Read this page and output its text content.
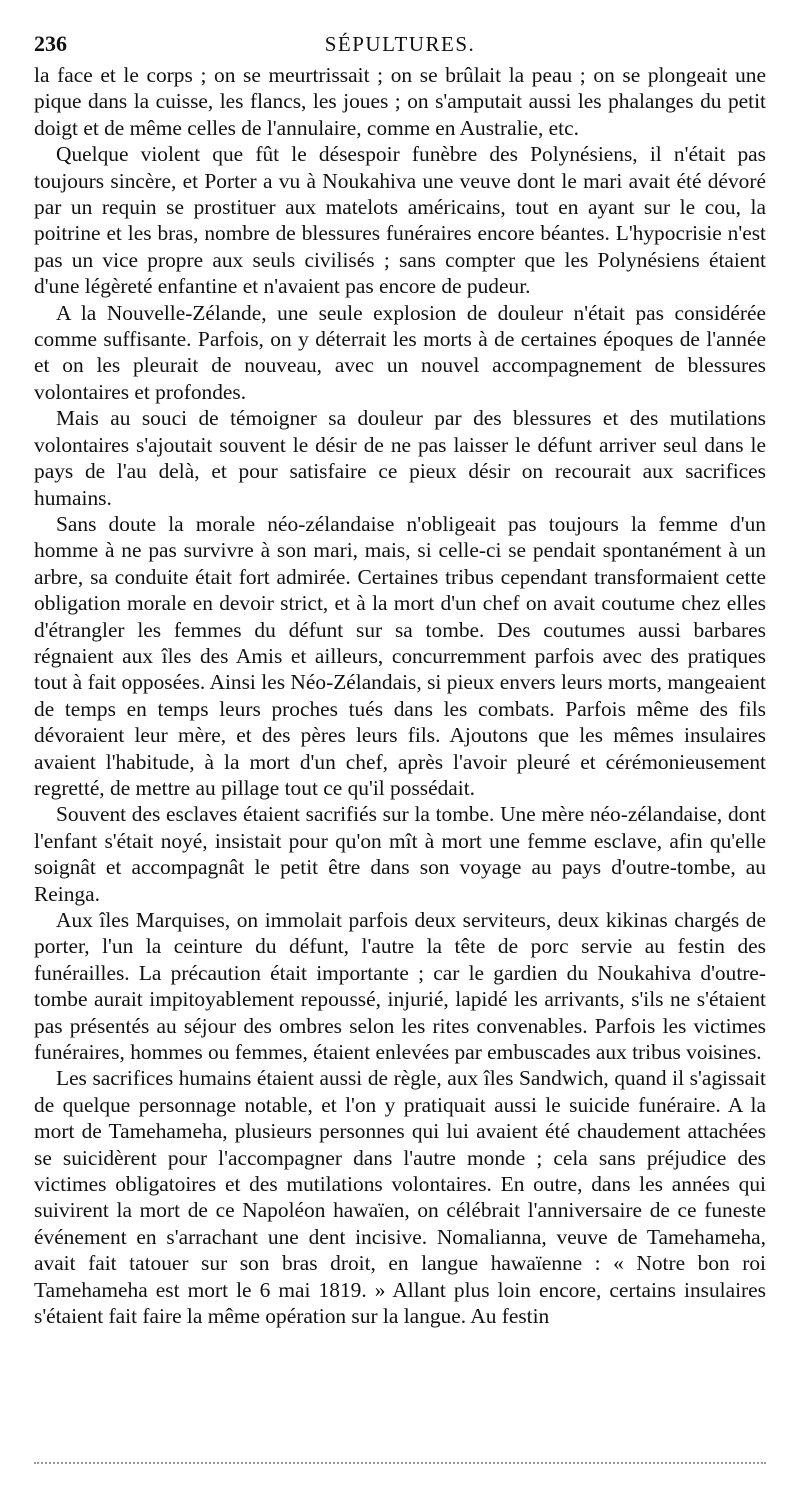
236	SÉPULTURES.

la face et le corps ; on se meurtrissait ; on se brûlait la peau ; on se plongeait une pique dans la cuisse, les flancs, les joues ; on s'amputait aussi les phalanges du petit doigt et de même celles de l'annulaire, comme en Australie, etc.

Quelque violent que fût le désespoir funèbre des Polynésiens, il n'était pas toujours sincère, et Porter a vu à Noukahiva une veuve dont le mari avait été dévoré par un requin se prostituer aux matelots américains, tout en ayant sur le cou, la poitrine et les bras, nombre de blessures funéraires encore béantes. L'hypocrisie n'est pas un vice propre aux seuls civilisés ; sans compter que les Polynésiens étaient d'une légèreté enfantine et n'avaient pas encore de pudeur.

A la Nouvelle-Zélande, une seule explosion de douleur n'était pas considérée comme suffisante. Parfois, on y déterrait les morts à de certaines époques de l'année et on les pleurait de nouveau, avec un nouvel accompagnement de blessures volontaires et profondes.

Mais au souci de témoigner sa douleur par des blessures et des mutilations volontaires s'ajoutait souvent le désir de ne pas laisser le défunt arriver seul dans le pays de l'au delà, et pour satisfaire ce pieux désir on recourait aux sacrifices humains.

Sans doute la morale néo-zélandaise n'obligeait pas toujours la femme d'un homme à ne pas survivre à son mari, mais, si celle-ci se pendait spontanément à un arbre, sa conduite était fort admirée. Certaines tribus cependant transformaient cette obligation morale en devoir strict, et à la mort d'un chef on avait coutume chez elles d'étrangler les femmes du défunt sur sa tombe. Des coutumes aussi barbares régnaient aux îles des Amis et ailleurs, concurremment parfois avec des pratiques tout à fait opposées. Ainsi les Néo-Zélandais, si pieux envers leurs morts, mangeaient de temps en temps leurs proches tués dans les combats. Parfois même des fils dévoraient leur mère, et des pères leurs fils. Ajoutons que les mêmes insulaires avaient l'habitude, à la mort d'un chef, après l'avoir pleuré et cérémonieusement regretté, de mettre au pillage tout ce qu'il possédait.

Souvent des esclaves étaient sacrifiés sur la tombe. Une mère néo-zélandaise, dont l'enfant s'était noyé, insistait pour qu'on mît à mort une femme esclave, afin qu'elle soignât et accompagnât le petit être dans son voyage au pays d'outre-tombe, au Reinga.

Aux îles Marquises, on immolait parfois deux serviteurs, deux kikinas chargés de porter, l'un la ceinture du défunt, l'autre la tête de porc servie au festin des funérailles. La précaution était importante ; car le gardien du Noukahiva d'outre-tombe aurait impitoyablement repoussé, injurié, lapidé les arrivants, s'ils ne s'étaient pas présentés au séjour des ombres selon les rites convenables. Parfois les victimes funéraires, hommes ou femmes, étaient enlevées par embuscades aux tribus voisines.

Les sacrifices humains étaient aussi de règle, aux îles Sandwich, quand il s'agissait de quelque personnage notable, et l'on y pratiquait aussi le suicide funéraire. A la mort de Tamehameha, plusieurs personnes qui lui avaient été chaudement attachées se suicidèrent pour l'accompagner dans l'autre monde ; cela sans préjudice des victimes obligatoires et des mutilations volontaires. En outre, dans les années qui suivirent la mort de ce Napoléon hawaïen, on célébrait l'anniversaire de ce funeste événement en s'arrachant une dent incisive. Nomalianna, veuve de Tamehameha, avait fait tatouer sur son bras droit, en langue hawaïenne : « Notre bon roi Tamehameha est mort le 6 mai 1819. » Allant plus loin encore, certains insulaires s'étaient fait faire la même opération sur la langue. Au festin
